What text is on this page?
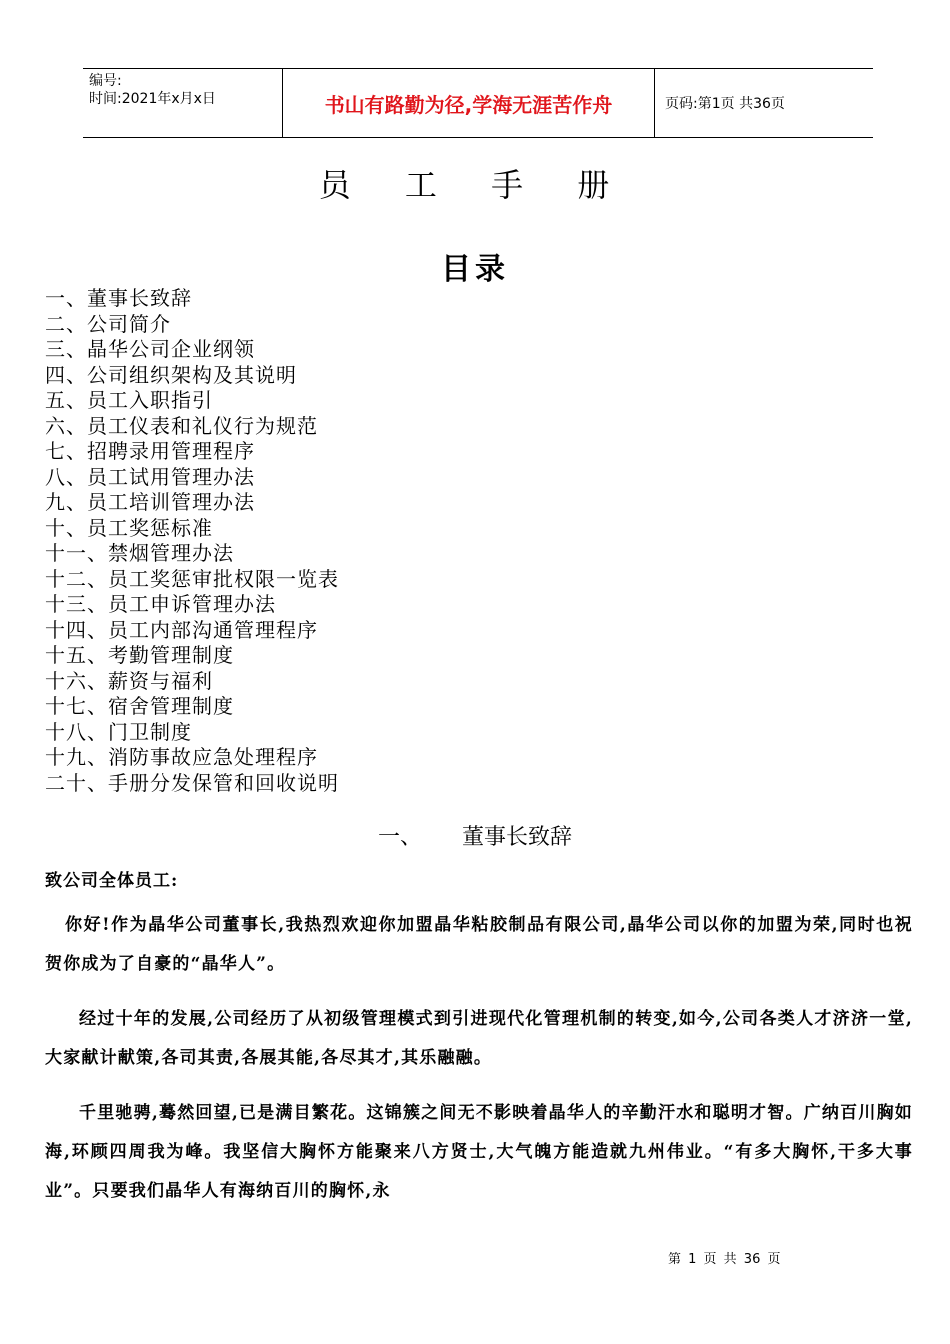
编号:
时间:2021年x月x日	书山有路勤为径,学海无涯苦作舟	页码:第1页 共36页
员 工 手 册
目录
一、董事长致辞
二、公司简介
三、晶华公司企业纲领
四、公司组织架构及其说明
五、员工入职指引
六、员工仪表和礼仪行为规范
七、招聘录用管理程序
八、员工试用管理办法
九、员工培训管理办法
十、员工奖惩标准
十一、禁烟管理办法
十二、员工奖惩审批权限一览表
十三、员工申诉管理办法
十四、员工内部沟通管理程序
十五、考勤管理制度
十六、薪资与福利
十七、宿舍管理制度
十八、门卫制度
十九、消防事故应急处理程序
二十、手册分发保管和回收说明
一、 董事长致辞
致公司全体员工:

你好!作为晶华公司董事长,我热烈欢迎你加盟晶华粘胶制品有限公司,晶华公司以你的加盟为荣,同时也祝贺你成为了自豪的“晶华人”。

经过十年的发展,公司经历了从初级管理模式到引进现代化管理机制的转变,如今,公司各类人才济济一堂,大家献计献策,各司其责,各展其能,各尽其才,其乐融融。

千里驰骋,蓦然回望,已是满目繁花。这锦簇之间无不影映着晶华人的辛勤汗水和聪明才智。广纳百川胸如海,环顾四周我为峰。我坚信大胸怀方能聚来八方贤士,大气魄方能造就九州伟业。“有多大胸怀,干多大事业”。只要我们晶华人有海纳百川的胸怀,永

第 1 页 共 36 页
